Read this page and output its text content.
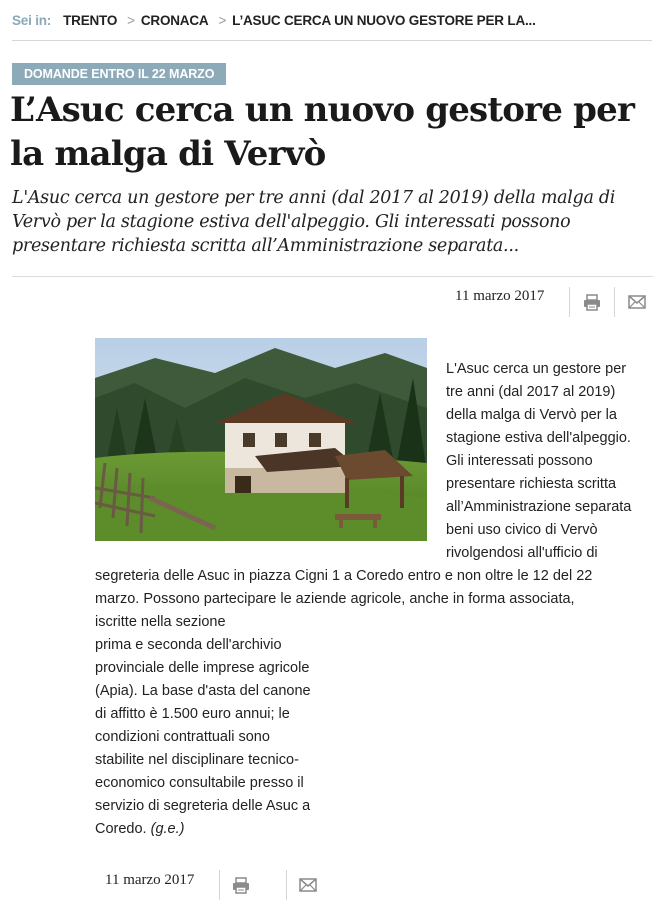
Sei in: TRENTO > CRONACA > L’ASUC CERCA UN NUOVO GESTORE PER LA...
DOMANDE ENTRO IL 22 MARZO
L’Asuc cerca un nuovo gestore per
la malga di Vervò

L'Asuc cerca un gestore per tre anni (dal 2017 al 2019) della malga di
Vervò per la stagione estiva dell'alpeggio. Gli interessati possono
presentare richiesta scritta all’Amministrazione separata...

11 marzo 2017

L'Asuc cerca un gestore per

tre anni (dal 2017 al 2019)

della malga di Vervò per la

stagione estiva dell'alpeggio.

Gli interessati possono

presentare richiesta scritta

all’Amministrazione separata

beni uso civico di Vervò

rivolgendosi all'ufficio di

segreteria delle Asuc in piazza Cigni 1 a Coredo entro e non oltre le 12 del 22

marzo. Possono partecipare le aziende agricole, anche in forma associata,

iscritte nella sezione

prima e seconda dell'archivio

provinciale delle imprese agricole

(Apia). La base d'asta del canone

di affitto è 1.500 euro annui; le

condizioni contrattuali sono

stabilite nel disciplinare tecnico-

economico consultabile presso il

servizio di segreteria delle Asuc a

Coredo. (g.e.)

11 marzo 2017
